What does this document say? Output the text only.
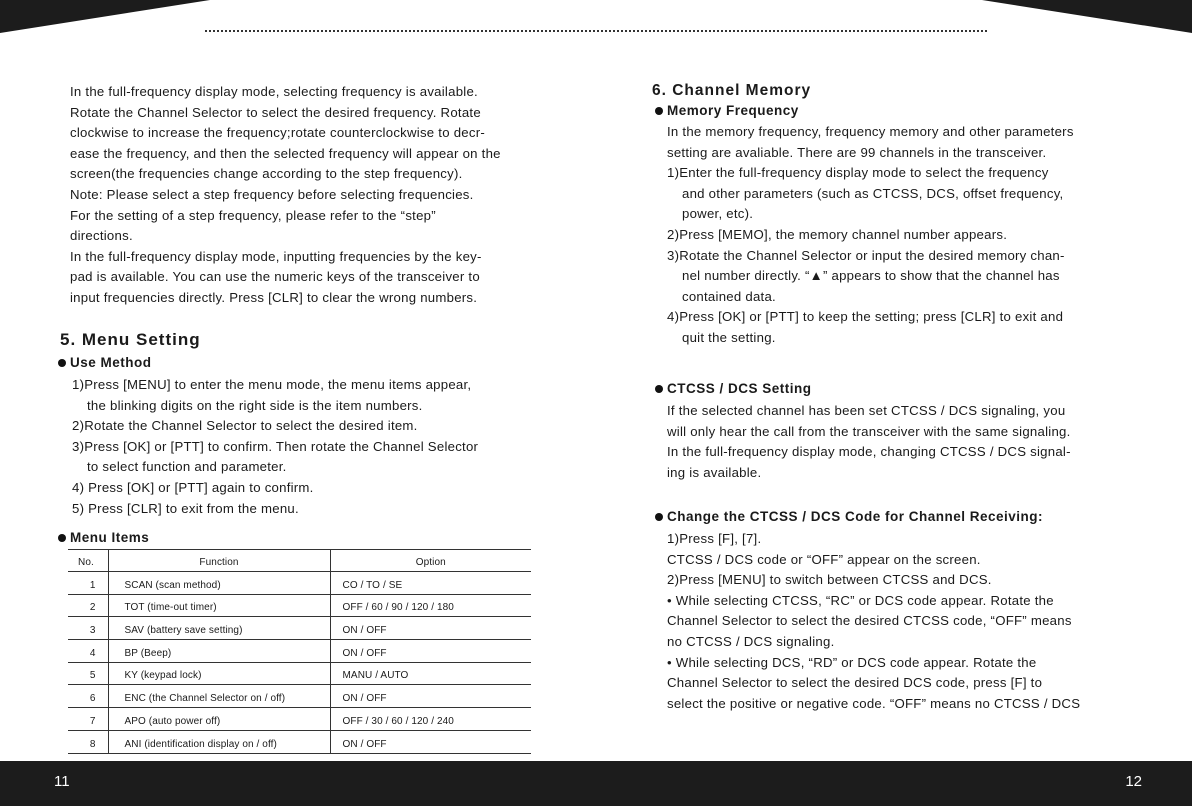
In the full-frequency display mode, selecting frequency is available.
Rotate the Channel Selector to select the desired frequency. Rotate
clockwise to increase the frequency;rotate counterclockwise to decr-
ease the frequency, and then the selected frequency will appear on the
screen(the frequencies change according to the step frequency).
Note: Please select a step frequency before selecting frequencies.
For the setting of a step frequency, please refer to the “step”
directions.
In the full-frequency display mode, inputting frequencies by the key-
pad is available. You can use the numeric keys of the transceiver to
input frequencies directly. Press [CLR] to clear the wrong numbers.
5. Menu Setting
Use Method
1)Press [MENU] to enter the menu mode, the menu items appear,
the blinking digits on the right side is the item numbers.
2)Rotate the Channel Selector to select the desired item.
3)Press [OK] or [PTT] to confirm. Then rotate the Channel Selector
to select function and parameter.
4) Press [OK] or [PTT] again to confirm.
5) Press [CLR] to exit from the menu.
Menu Items
No.	Function	Option
1	SCAN (scan method)	CO / TO / SE
2	TOT (time-out timer)	OFF / 60 / 90 / 120 / 180
3	SAV (battery save setting)	ON / OFF
4	BP (Beep)	ON / OFF
5	KY (keypad lock)	MANU / AUTO
6	ENC (the Channel Selector on / off)	ON / OFF
7	APO (auto power off)	OFF / 30 / 60 / 120 / 240
8	ANI (identification display on / off)	ON / OFF
6. Channel Memory
Memory Frequency
In the memory frequency, frequency memory and other parameters
setting are avaliable. There are 99 channels in the transceiver.
1)Enter the full-frequency display mode to select the frequency
and other parameters (such as CTCSS, DCS, offset frequency,
power, etc).
2)Press [MEMO], the memory channel number appears.
3)Rotate the Channel Selector or input the desired memory chan-
nel number directly. “▲” appears to show that the channel has
contained data.
4)Press [OK] or [PTT] to keep the setting; press [CLR] to exit and
quit the setting.
CTCSS / DCS Setting
If the selected channel has been set CTCSS / DCS signaling, you
will only hear the call from the transceiver with the same signaling.
In the full-frequency display mode, changing CTCSS / DCS signal-
ing is available.
Change the CTCSS / DCS Code for Channel Receiving:
1)Press [F], [7].
CTCSS / DCS code or “OFF” appear on the screen.
2)Press [MENU] to switch between CTCSS and DCS.
• While selecting CTCSS, “RC” or DCS code appear. Rotate the
Channel Selector to select the desired CTCSS code, “OFF” means
no CTCSS / DCS signaling.
• While selecting DCS, “RD” or DCS code appear. Rotate the
Channel Selector to select the desired DCS code, press [F] to
select the positive or negative code. “OFF” means no CTCSS / DCS
11	12
